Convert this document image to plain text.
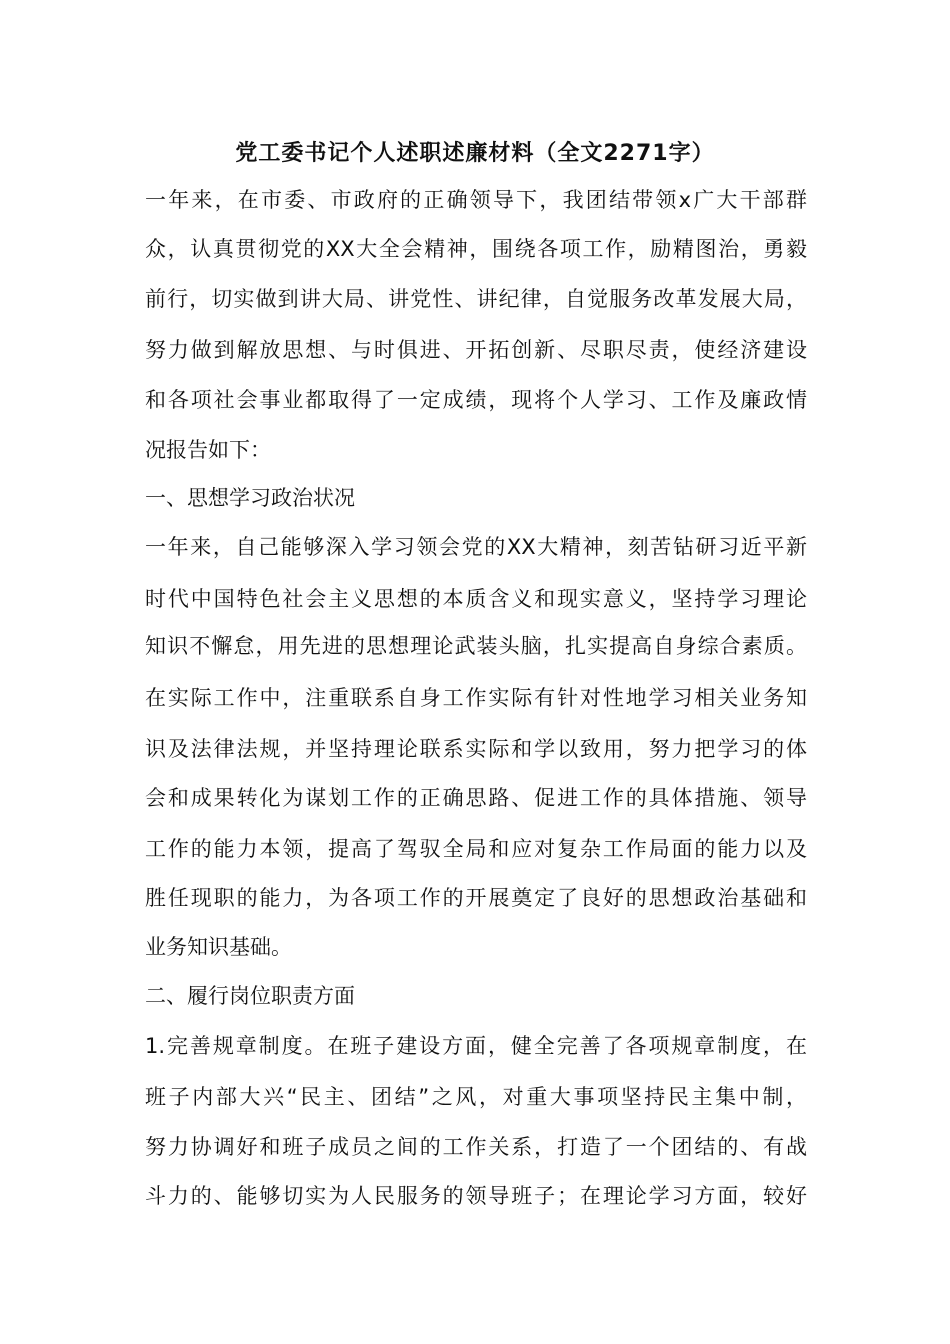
党工委书记个人述职述廉材料（全文2271字）
一年来，在市委、市政府的正确领导下，我团结带领x广大干部群
众，认真贯彻党的XX大全会精神，围绕各项工作，励精图治，勇毅
前行，切实做到讲大局、讲党性、讲纪律，自觉服务改革发展大局，
努力做到解放思想、与时俱进、开拓创新、尽职尽责，使经济建设
和各项社会事业都取得了一定成绩，现将个人学习、工作及廉政情
况报告如下：
一、思想学习政治状况
一年来，自己能够深入学习领会党的XX大精神，刻苦钻研习近平新
时代中国特色社会主义思想的本质含义和现实意义，坚持学习理论
知识不懈怠，用先进的思想理论武装头脑，扎实提高自身综合素质。
在实际工作中，注重联系自身工作实际有针对性地学习相关业务知
识及法律法规，并坚持理论联系实际和学以致用，努力把学习的体
会和成果转化为谋划工作的正确思路、促进工作的具体措施、领导
工作的能力本领，提高了驾驭全局和应对复杂工作局面的能力以及
胜任现职的能力，为各项工作的开展奠定了良好的思想政治基础和
业务知识基础。
二、履行岗位职责方面
1.完善规章制度。在班子建设方面，健全完善了各项规章制度，在
班子内部大兴“民主、团结”之风，对重大事项坚持民主集中制，
努力协调好和班子成员之间的工作关系，打造了一个团结的、有战
斗力的、能够切实为人民服务的领导班子；在理论学习方面，较好
